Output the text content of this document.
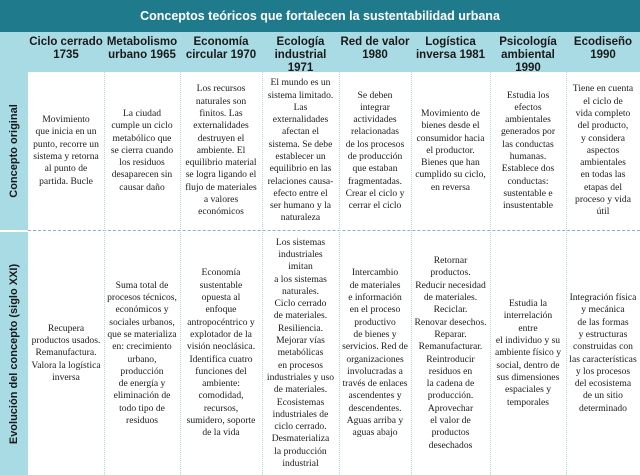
Conceptos teóricos que fortalecen la sustentabilidad urbana
Ciclo cerrado 1735
Metabolismo urbano 1965
Economía circular 1970
Ecología industrial 1971
Red de valor 1980
Logística inversa 1981
Psicología ambiental 1990
Ecodiseño 1990
Concepto original
Evolución del concepto (siglo XXI)

Movimiento
que inicia en un
punto, recorre un
sistema y retorna
al punto de
partida. Bucle

La ciudad
cumple un ciclo
metabólico que
se cierra cuando
los residuos
desaparecen sin
causar daño

Los recursos
naturales son
finitos. Las
externalidades
destruyen el
ambiente. El
equilibrio material
se logra ligando el
flujo de materiales
a valores
económicos

El mundo es un
sistema limitado.
Las externalidades
afectan el
sistema. Se debe
establecer un
equilibrio en las
relaciones causa-
efecto entre el
ser humano y la
naturaleza

Se deben integrar
actividades
relacionadas
de los procesos
de producción
que estaban
fragmentadas.
Crear el ciclo y
cerrar el ciclo

Movimiento de
bienes desde el
consumidor hacia
el productor.
Bienes que han
cumplido su ciclo,
en reversa

Estudia los efectos
ambientales
generados por
las conductas
humanas.
Establece dos
conductas:
sustentable e
insustentable

Tiene en cuenta
el ciclo de
vida completo
del producto,
y considera
aspectos
ambientales
en todas las
etapas del
proceso y vida
útil

Recupera
productos usados.
Remanufactura.
Valora la logística
inversa

Suma total de
procesos técnicos,
económicos y
sociales urbanos,
que se materializa
en: crecimiento
urbano,
producción
de energía y
eliminación de
todo tipo de
residuos

Economía
sustentable
opuesta al
enfoque
antropocéntrico y
explotador de la
visión neoclásica.
Identifica cuatro
funciones del
ambiente:
comodidad,
recursos,
sumidero, soporte
de la vida

Los sistemas
industriales imitan
a los sistemas
naturales.
Ciclo cerrado
de materiales.
Resiliencia.
Mejorar vías
metabólicas
en procesos
industriales y uso
de materiales.
Ecosistemas
industriales de
ciclo cerrado.
Desmaterializa
la producción
industrial

Intercambio
de materiales
e información
en el proceso
productivo
de bienes y
servicios. Red de
organizaciones
involucradas a
través de enlaces
ascendentes y
descendentes.
Aguas arriba y
aguas abajo

Retornar
productos.
Reducir necesidad
de materiales.
Reciclar.
Renovar desechos.
Reparar.
Remanufacturar.
Reintroducir
residuos en
la cadena de
producción.
Aprovechar
el valor de
productos
desechados

Estudia la
interrelación entre
el individuo y su
ambiente físico y
social, dentro de
sus dimensiones
espaciales y
temporales

Integración física
y mecánica
de las formas
y estructuras
construidas con
las características
y los procesos
del ecosistema
de un sitio
determinado
